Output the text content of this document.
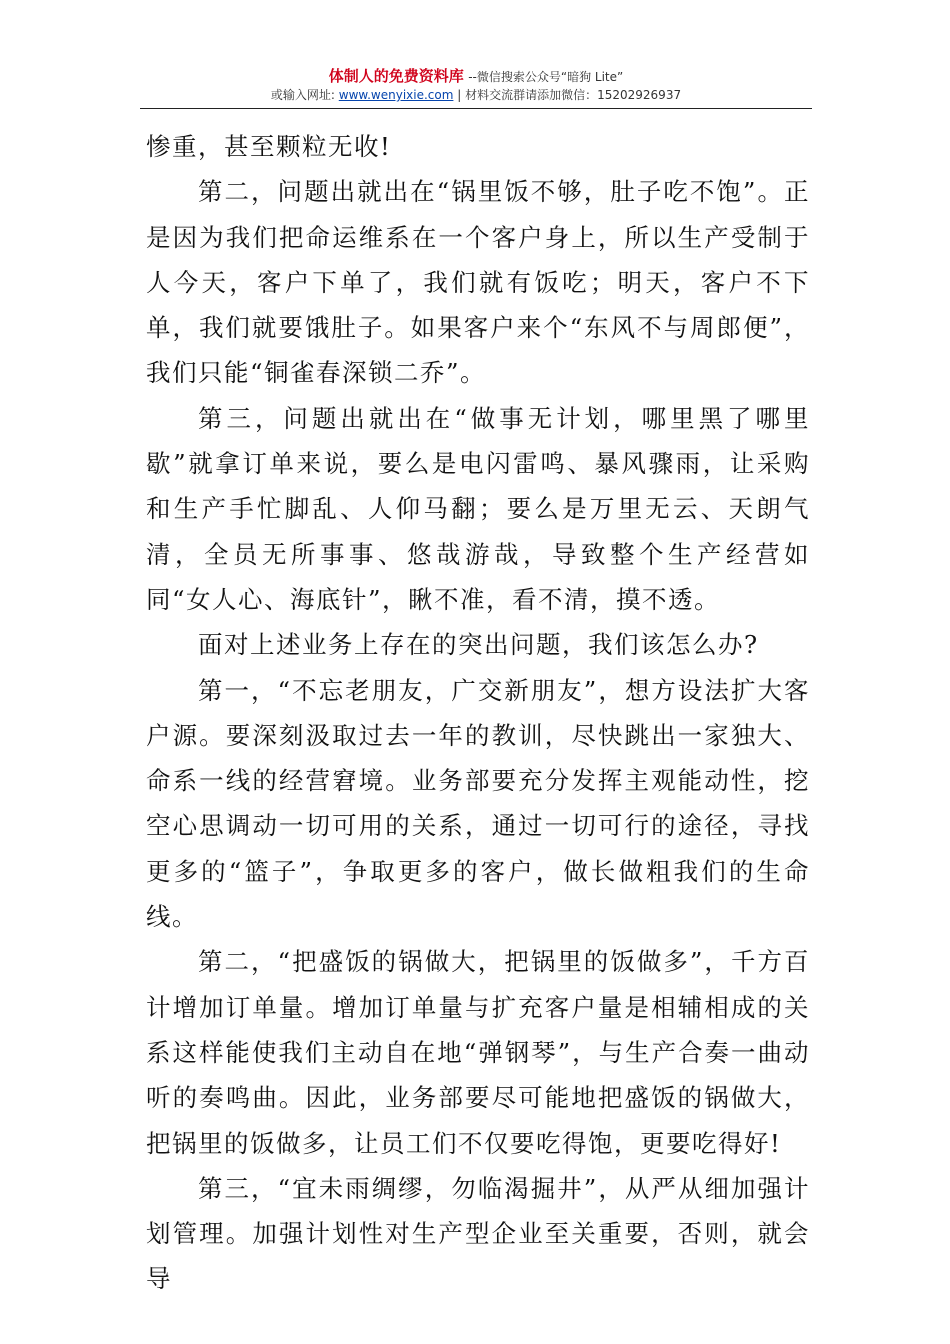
体制人的免费资料库 --微信搜索公众号“暗狗 Lite”
或输入网址: www.wenyixie.com | 材料交流群请添加微信：15202926937

惨重，甚至颗粒无收!

第二，问题出就出在“锅里饭不够，肚子吃不饱”。正是因为我们把命运维系在一个客户身上，所以生产受制于人今天，客户下单了，我们就有饭吃；明天，客户不下单，我们就要饿肚子。如果客户来个“东风不与周郎便”，我们只能“铜雀春深锁二乔”。

第三，问题出就出在“做事无计划，哪里黑了哪里歇”就拿订单来说，要么是电闪雷鸣、暴风骤雨，让采购和生产手忙脚乱、人仰马翻；要么是万里无云、天朗气清，全员无所事事、悠哉游哉，导致整个生产经营如同“女人心、海底针”，瞅不准，看不清，摸不透。

面对上述业务上存在的突出问题，我们该怎么办?

第一，“不忘老朋友，广交新朋友”，想方设法扩大客户源。要深刻汲取过去一年的教训，尽快跳出一家独大、命系一线的经营窘境。业务部要充分发挥主观能动性，挖空心思调动一切可用的关系，通过一切可行的途径，寻找更多的“篮子”，争取更多的客户，做长做粗我们的生命线。

第二，“把盛饭的锅做大，把锅里的饭做多”，千方百计增加订单量。增加订单量与扩充客户量是相辅相成的关系这样能使我们主动自在地“弹钢琴”，与生产合奏一曲动听的奏鸣曲。因此，业务部要尽可能地把盛饭的锅做大，把锅里的饭做多，让员工们不仅要吃得饱，更要吃得好!

第三，“宜未雨绸缪，勿临渴掘井”，从严从细加强计划管理。加强计划性对生产型企业至关重要，否则，就会导
